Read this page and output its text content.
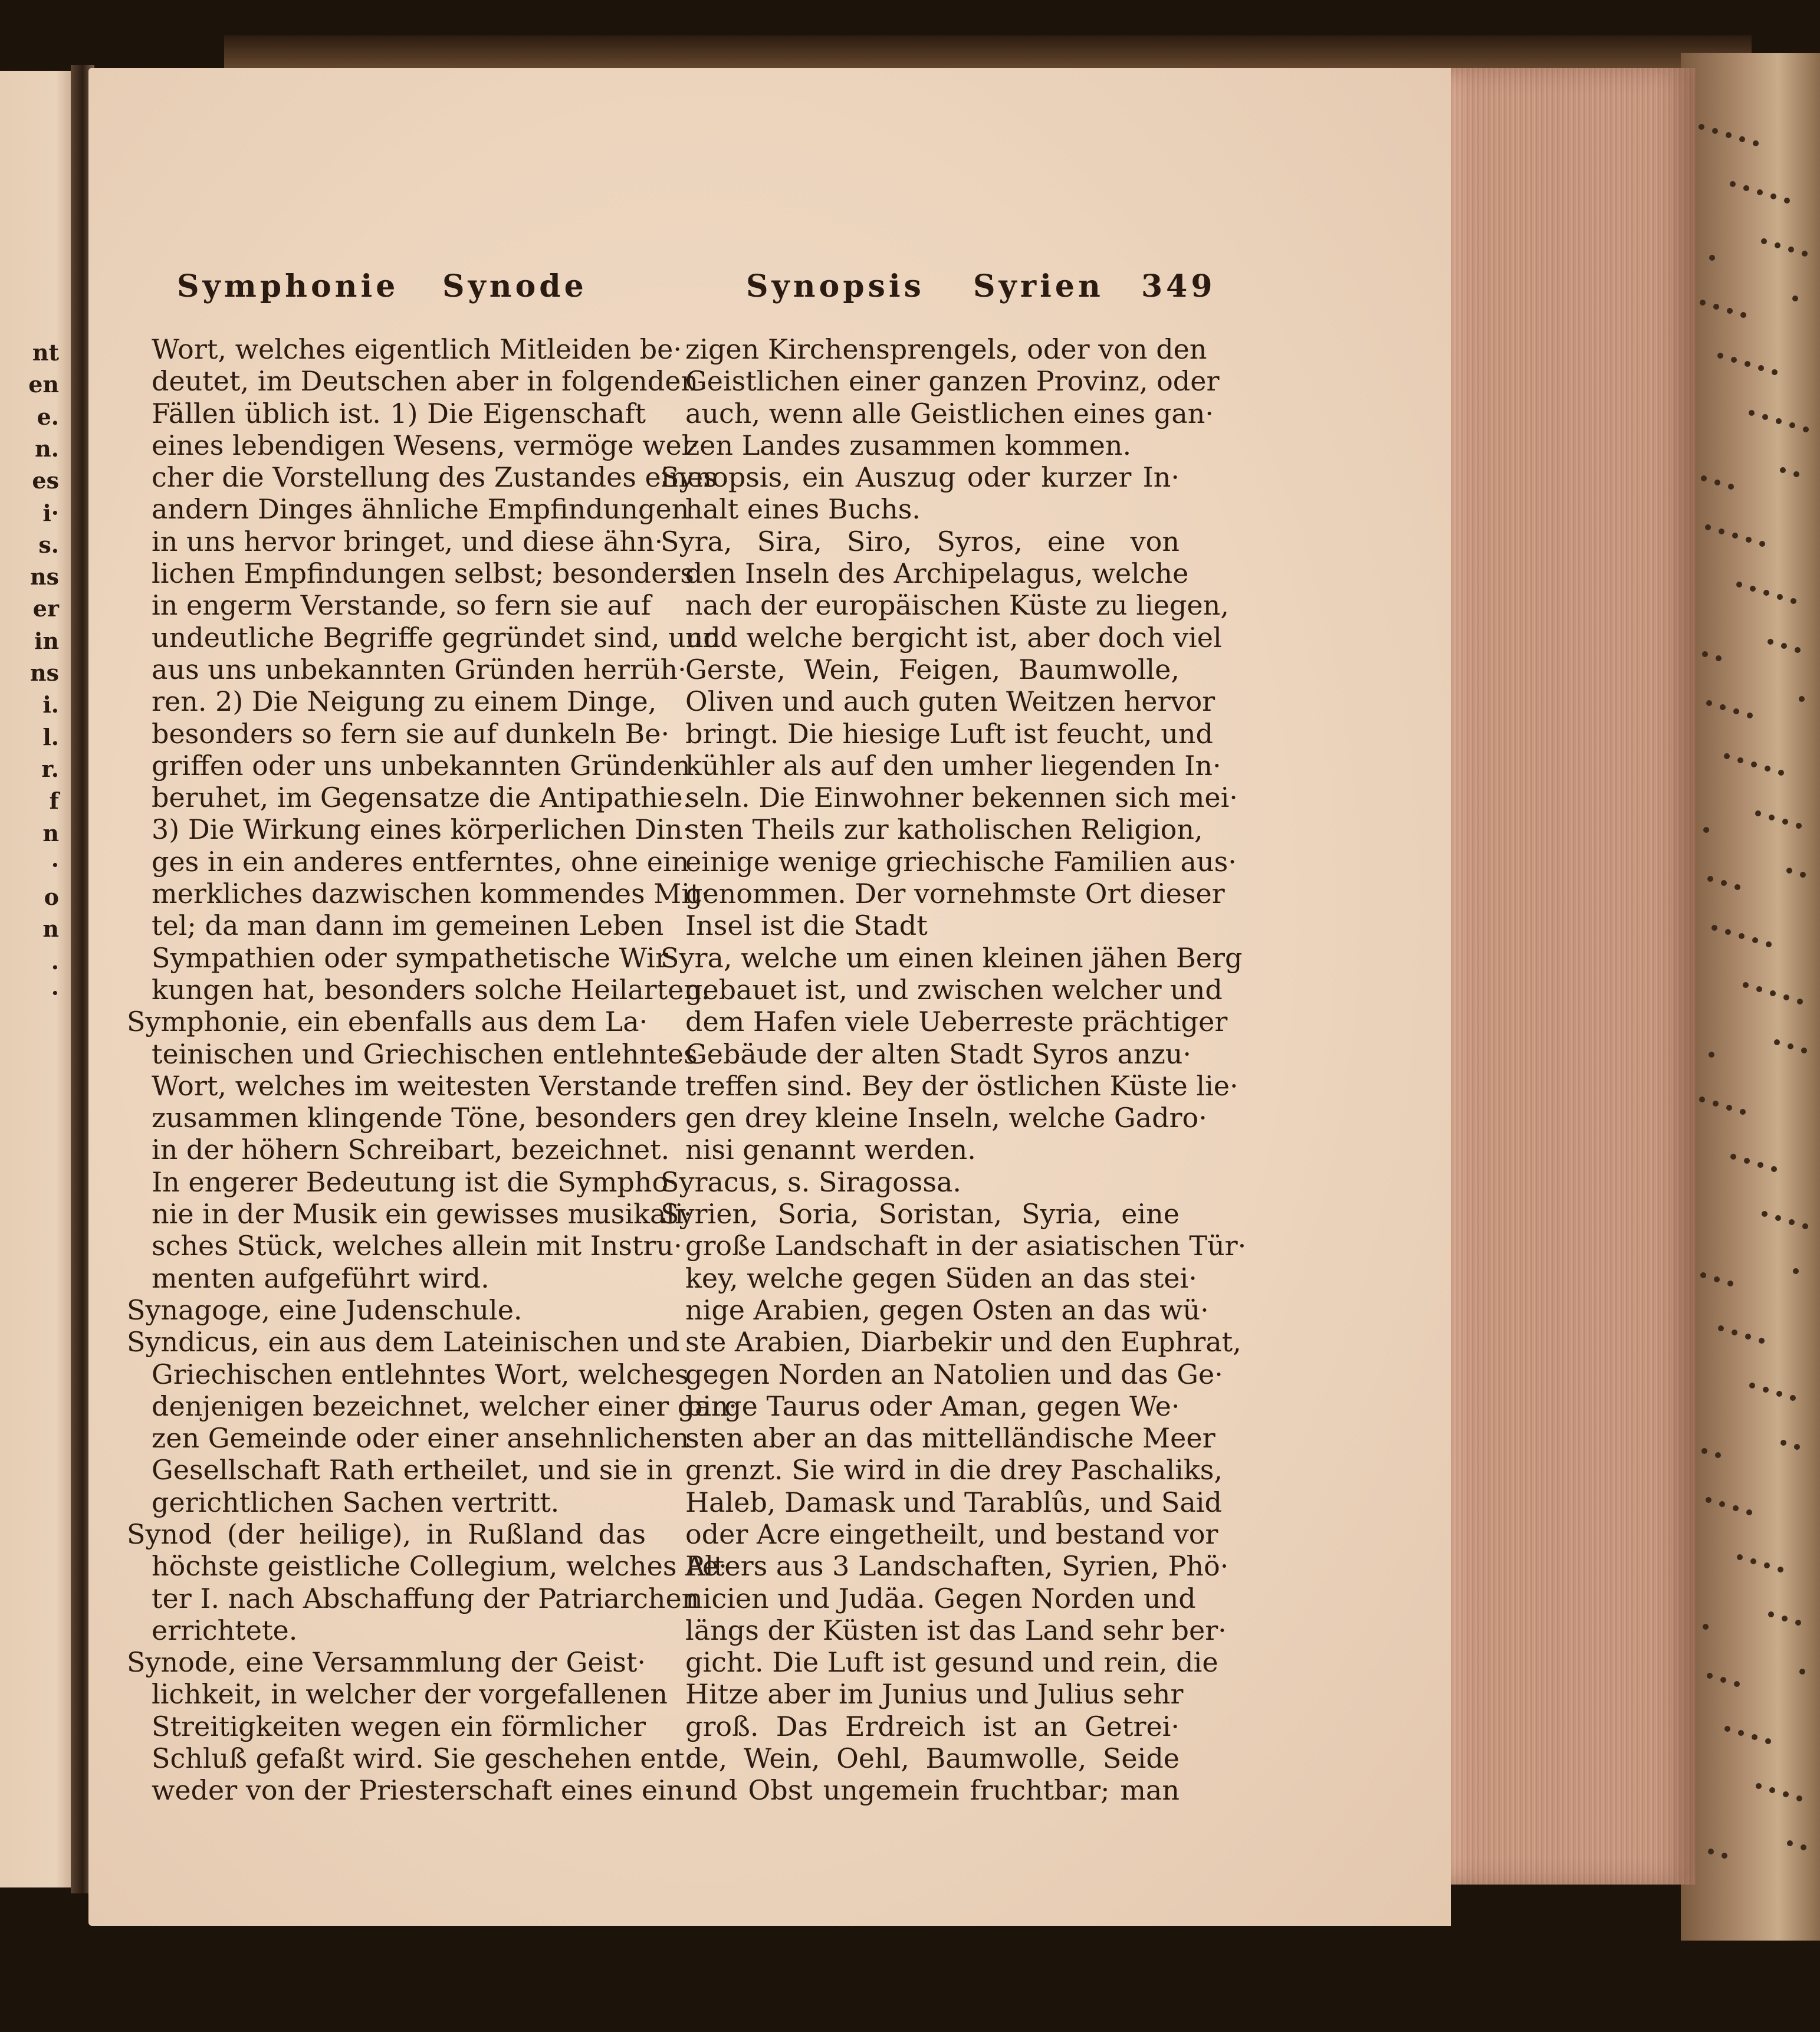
nt
en
e.
n.
es
i·
s.
ns
er
in
ns
i.
l.
r.
f
n
·
o
n
.
·
Symphonie Synode	Synopsis Syrien 349
Wort, welches eigentlich Mitleiden be·
deutet, im Deutschen aber in folgenden
Fällen üblich ist. 1) Die Eigenschaft
eines lebendigen Wesens, vermöge wel·
cher die Vorstellung des Zustandes eines
andern Dinges ähnliche Empfindungen
in uns hervor bringet, und diese ähn·
lichen Empfindungen selbst; besonders
in engerm Verstande, so fern sie auf
undeutliche Begriffe gegründet sind, und
aus uns unbekannten Gründen herrüh·
ren. 2) Die Neigung zu einem Dinge,
besonders so fern sie auf dunkeln Be·
griffen oder uns unbekannten Gründen
beruhet, im Gegensatze die Antipathie.
3) Die Wirkung eines körperlichen Din·
ges in ein anderes entferntes, ohne ein
merkliches dazwischen kommendes Mit·
tel; da man dann im gemeinen Leben
Sympathien oder sympathetische Wir·
kungen hat, besonders solche Heilarten.
Symphonie, ein ebenfalls aus dem La·
teinischen und Griechischen entlehntes
Wort, welches im weitesten Verstande
zusammen klingende Töne, besonders
in der höhern Schreibart, bezeichnet.
In engerer Bedeutung ist die Sympho·
nie in der Musik ein gewisses musikali·
sches Stück, welches allein mit Instru·
menten aufgeführt wird.
Synagoge, eine Judenschule.
Syndicus, ein aus dem Lateinischen und
Griechischen entlehntes Wort, welches
denjenigen bezeichnet, welcher einer gan·
zen Gemeinde oder einer ansehnlichen
Gesellschaft Rath ertheilet, und sie in
gerichtlichen Sachen vertritt.
Synod (der heilige), in Rußland das
höchste geistliche Collegium, welches Pe·
ter I. nach Abschaffung der Patriarchen
errichtete.
Synode, eine Versammlung der Geist·
lichkeit, in welcher der vorgefallenen
Streitigkeiten wegen ein förmlicher
Schluß gefaßt wird. Sie geschehen ent·
weder von der Priesterschaft eines ein·
zigen Kirchensprengels, oder von den
Geistlichen einer ganzen Provinz, oder
auch, wenn alle Geistlichen eines gan·
zen Landes zusammen kommen.
Synopsis, ein Auszug oder kurzer In·
halt eines Buchs.
Syra, Sira, Siro, Syros, eine von
den Inseln des Archipelagus, welche
nach der europäischen Küste zu liegen,
und welche bergicht ist, aber doch viel
Gerste, Wein, Feigen, Baumwolle,
Oliven und auch guten Weitzen hervor
bringt. Die hiesige Luft ist feucht, und
kühler als auf den umher liegenden In·
seln. Die Einwohner bekennen sich mei·
sten Theils zur katholischen Religion,
einige wenige griechische Familien aus·
genommen. Der vornehmste Ort dieser
Insel ist die Stadt
Syra, welche um einen kleinen jähen Berg
gebauet ist, und zwischen welcher und
dem Hafen viele Ueberreste prächtiger
Gebäude der alten Stadt Syros anzu·
treffen sind. Bey der östlichen Küste lie·
gen drey kleine Inseln, welche Gadro·
nisi genannt werden.
Syracus, s. Siragossa.
Syrien, Soria, Soristan, Syria, eine
große Landschaft in der asiatischen Tür·
key, welche gegen Süden an das stei·
nige Arabien, gegen Osten an das wü·
ste Arabien, Diarbekir und den Euphrat,
gegen Norden an Natolien und das Ge·
birge Taurus oder Aman, gegen We·
sten aber an das mittelländische Meer
grenzt. Sie wird in die drey Paschaliks,
Haleb, Damask und Tarablûs, und Said
oder Acre eingetheilt, und bestand vor
Alters aus 3 Landschaften, Syrien, Phö·
nicien und Judäa. Gegen Norden und
längs der Küsten ist das Land sehr ber·
gicht. Die Luft ist gesund und rein, die
Hitze aber im Junius und Julius sehr
groß. Das Erdreich ist an Getrei·
de, Wein, Oehl, Baumwolle, Seide
und Obst ungemein fruchtbar; man
